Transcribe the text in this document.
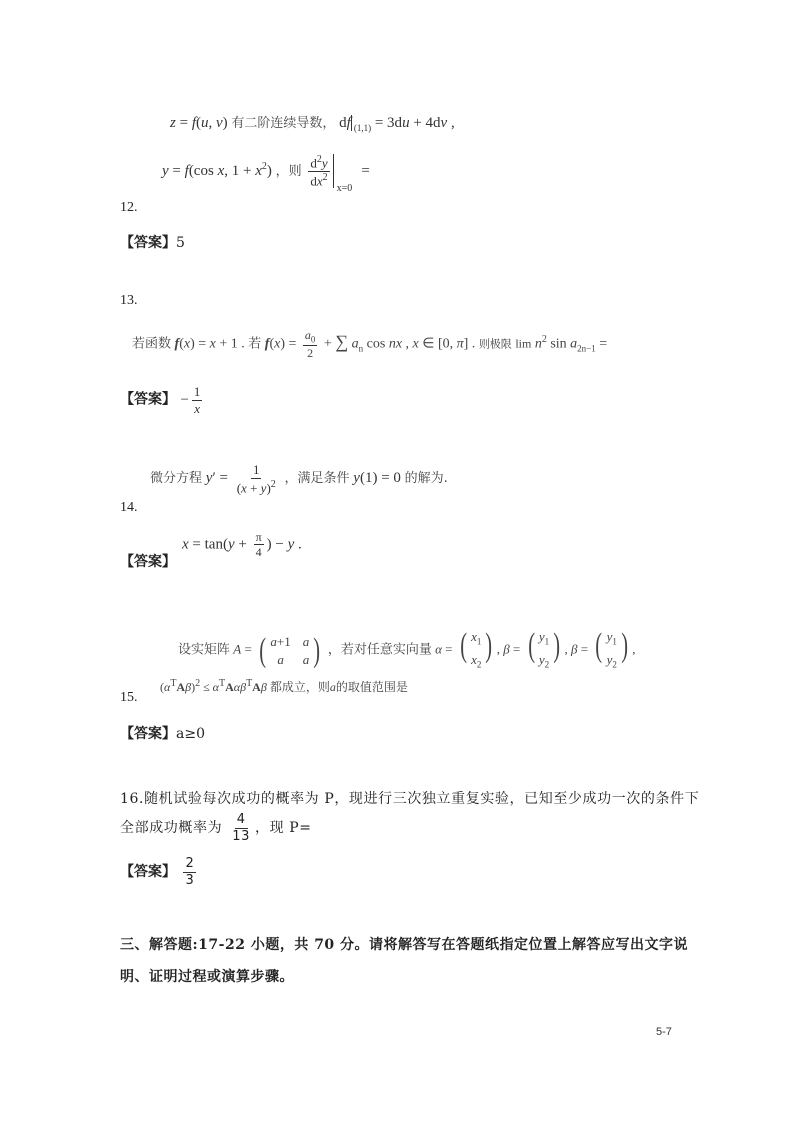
z = f(u, v) 有二阶连续导数， df $_{(1,1)}$ = 3du + 4dv ,
y = f(cos x, $1 + x^2$) ，则 $\frac{d^2y}{dx^2}$
x=0
=
12.
【答案】5
13.
若函数 f(x) = x + 1 . 若 $f(x) = \frac{a_0}{2}$ + ∑ $a_n$ cos nx , x ∈ [0, π] . 则极限 $\lim n^2$ $\sin a_{2n-1}$ =
【答案】 − $\frac{1}{x}$
微分方程 $y' = \frac{1}{(x + y)^2}$ ，满足条件 y(1) = 0 的解为.
14.
$x = \tan(y + \frac{\pi}{4}$ ) − y .
【答案】
设实矩阵 A = ( a+1 a
a	a ) ，若对任意实向量 α = ( $x_1$
$x_2$
) , β = ( $y_1$
$y_2$
) , β = ( $y_1$
$y_2$
) ,
$(\alpha^TA\beta)^2 \le \alpha^TA\alpha\beta^TA\beta$ 都成立，则a的取值范围是
15.
【答案】a≥0
16.随机试验每次成功的概率为 P，现进行三次独立重复实验，已知至少成功一次的条件下
全部成功概率为 $\frac{4}{13}$ ，现 P=
【答案】 $\frac{2}{3}$
三、解答题:17-22 小题，共 70 分。请将解答写在答题纸指定位置上解答应写出文字说
明、证明过程或演算步骤。
5-7
